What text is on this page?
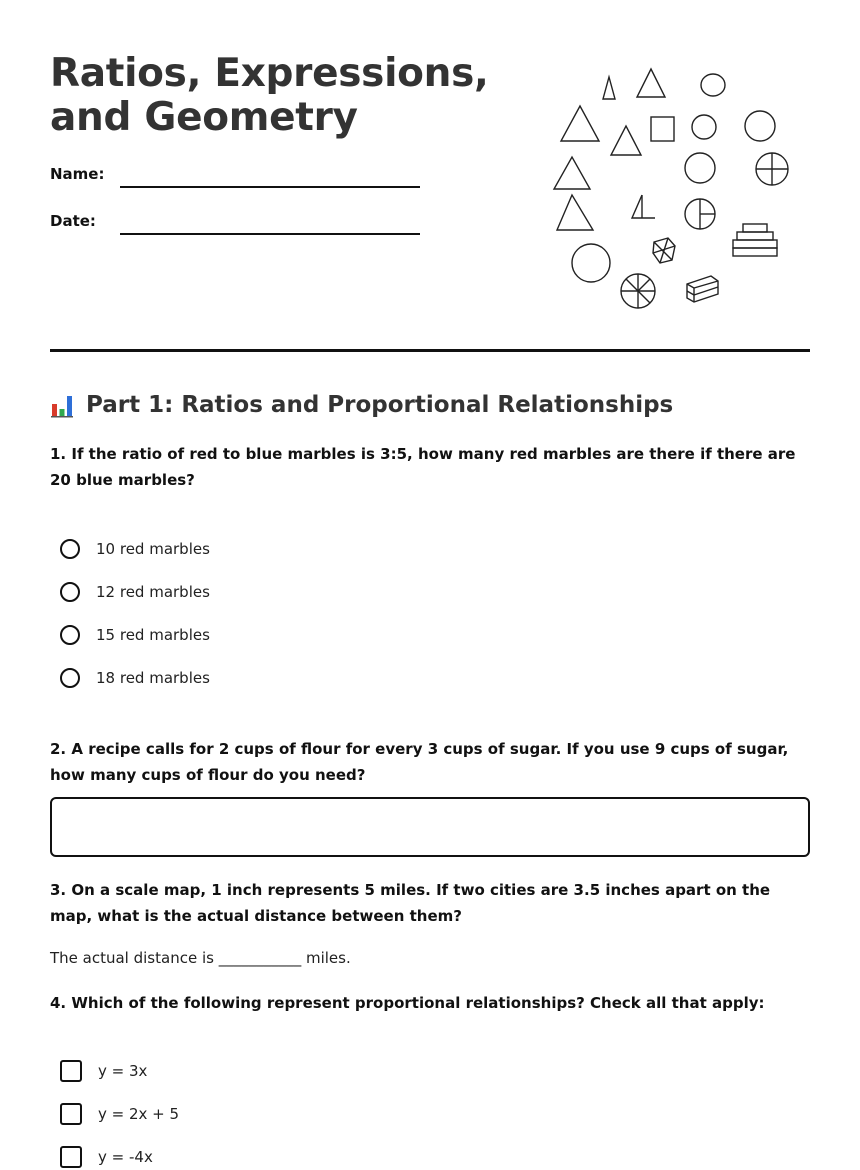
Ratios, Expressions, and Geometry
Name:
Date:
Part 1: Ratios and Proportional Relationships

1. If the ratio of red to blue marbles is 3:5, how many red marbles are there if there are 20 blue marbles?

10 red marbles
12 red marbles
15 red marbles
18 red marbles

2. A recipe calls for 2 cups of flour for every 3 cups of sugar. If you use 9 cups of sugar, how many cups of flour do you need?

3. On a scale map, 1 inch represents 5 miles. If two cities are 3.5 inches apart on the map, what is the actual distance between them?

The actual distance is ___________ miles.

4. Which of the following represent proportional relationships? Check all that apply:

y = 3x
y = 2x + 5
y = -4x
